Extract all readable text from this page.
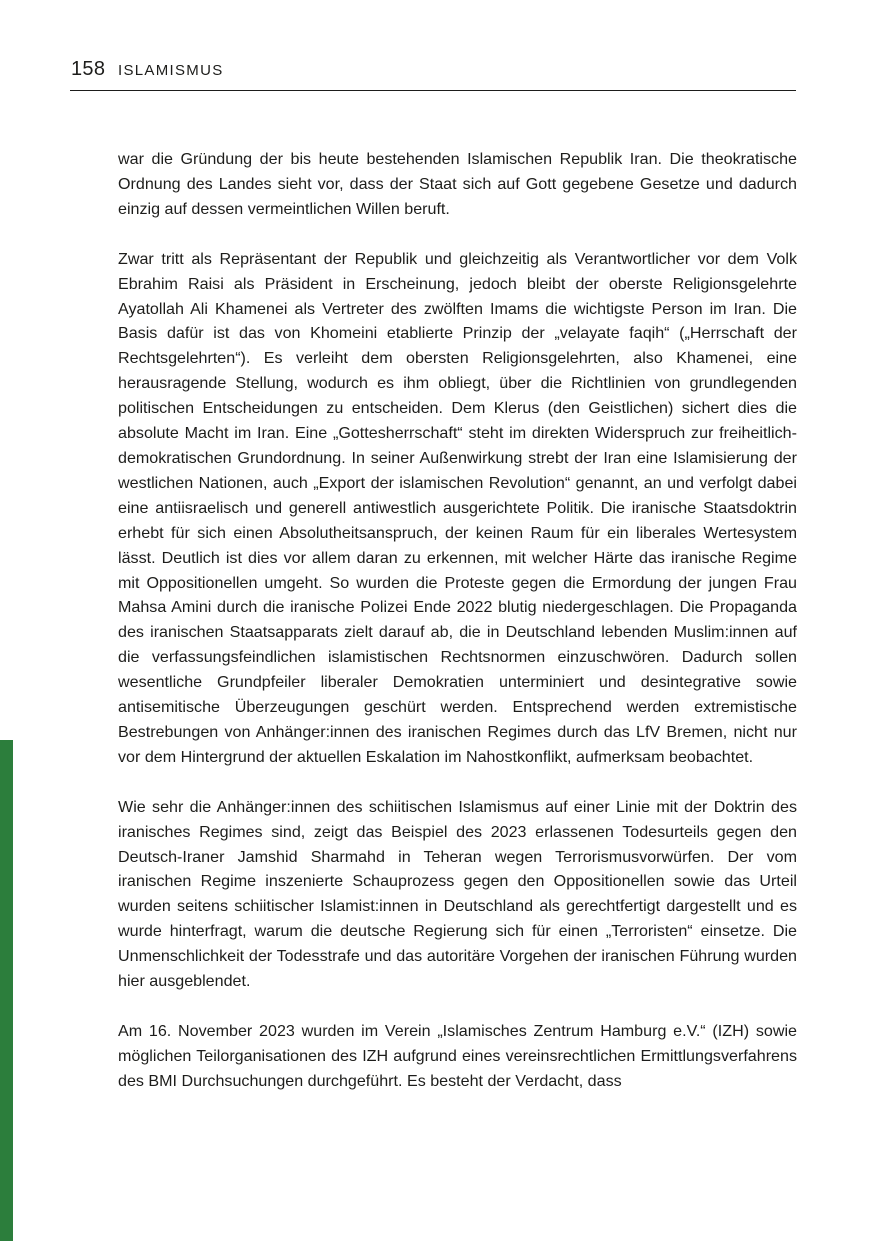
158 ISLAMISMUS

war die Gründung der bis heute bestehenden Islamischen Republik Iran. Die theokratische Ordnung des Landes sieht vor, dass der Staat sich auf Gott gegebene Gesetze und dadurch einzig auf dessen vermeintlichen Willen beruft.

Zwar tritt als Repräsentant der Republik und gleichzeitig als Verantwortlicher vor dem Volk Ebrahim Raisi als Präsident in Erscheinung, jedoch bleibt der oberste Religionsgelehrte Ayatollah Ali Khamenei als Vertreter des zwölften Imams die wichtigste Person im Iran. Die Basis dafür ist das von Khomeini etablierte Prinzip der „velayate faqih“ („Herrschaft der Rechtsgelehrten“). Es verleiht dem obersten Religionsgelehrten, also Khamenei, eine herausragende Stellung, wodurch es ihm obliegt, über die Richtlinien von grundlegenden politischen Entscheidungen zu entscheiden. Dem Klerus (den Geistlichen) sichert dies die absolute Macht im Iran. Eine „Gottesherrschaft“ steht im direkten Widerspruch zur freiheitlich-demokratischen Grundordnung. In seiner Außenwirkung strebt der Iran eine Islamisierung der westlichen Nationen, auch „Export der islamischen Revolution“ genannt, an und verfolgt dabei eine antiisraelisch und generell antiwestlich ausgerichtete Politik. Die iranische Staatsdoktrin erhebt für sich einen Absolutheitsanspruch, der keinen Raum für ein liberales Wertesystem lässt. Deutlich ist dies vor allem daran zu erkennen, mit welcher Härte das iranische Regime mit Oppositionellen umgeht. So wurden die Proteste gegen die Ermordung der jungen Frau Mahsa Amini durch die iranische Polizei Ende 2022 blutig niedergeschlagen. Die Propaganda des iranischen Staatsapparats zielt darauf ab, die in Deutschland lebenden Muslim:innen auf die verfassungsfeindlichen islamistischen Rechtsnormen einzuschwören. Dadurch sollen wesentliche Grundpfeiler liberaler Demokratien unterminiert und desintegrative sowie antisemitische Überzeugungen geschürt werden. Entsprechend werden extremistische Bestrebungen von Anhänger:innen des iranischen Regimes durch das LfV Bremen, nicht nur vor dem Hintergrund der aktuellen Eskalation im Nahostkonflikt, aufmerksam beobachtet.

Wie sehr die Anhänger:innen des schiitischen Islamismus auf einer Linie mit der Doktrin des iranisches Regimes sind, zeigt das Beispiel des 2023 erlassenen Todesurteils gegen den Deutsch-Iraner Jamshid Sharmahd in Teheran wegen Terrorismusvorwürfen. Der vom iranischen Regime inszenierte Schauprozess gegen den Oppositionellen sowie das Urteil wurden seitens schiitischer Islamist:innen in Deutschland als gerechtfertigt dargestellt und es wurde hinterfragt, warum die deutsche Regierung sich für einen „Terroristen“ einsetze. Die Unmenschlichkeit der Todesstrafe und das autoritäre Vorgehen der iranischen Führung wurden hier ausgeblendet.

Am 16. November 2023 wurden im Verein „Islamisches Zentrum Hamburg e.V.“ (IZH) sowie möglichen Teilorganisationen des IZH aufgrund eines vereinsrechtlichen Ermittlungsverfahrens des BMI Durchsuchungen durchgeführt. Es besteht der Verdacht, dass
